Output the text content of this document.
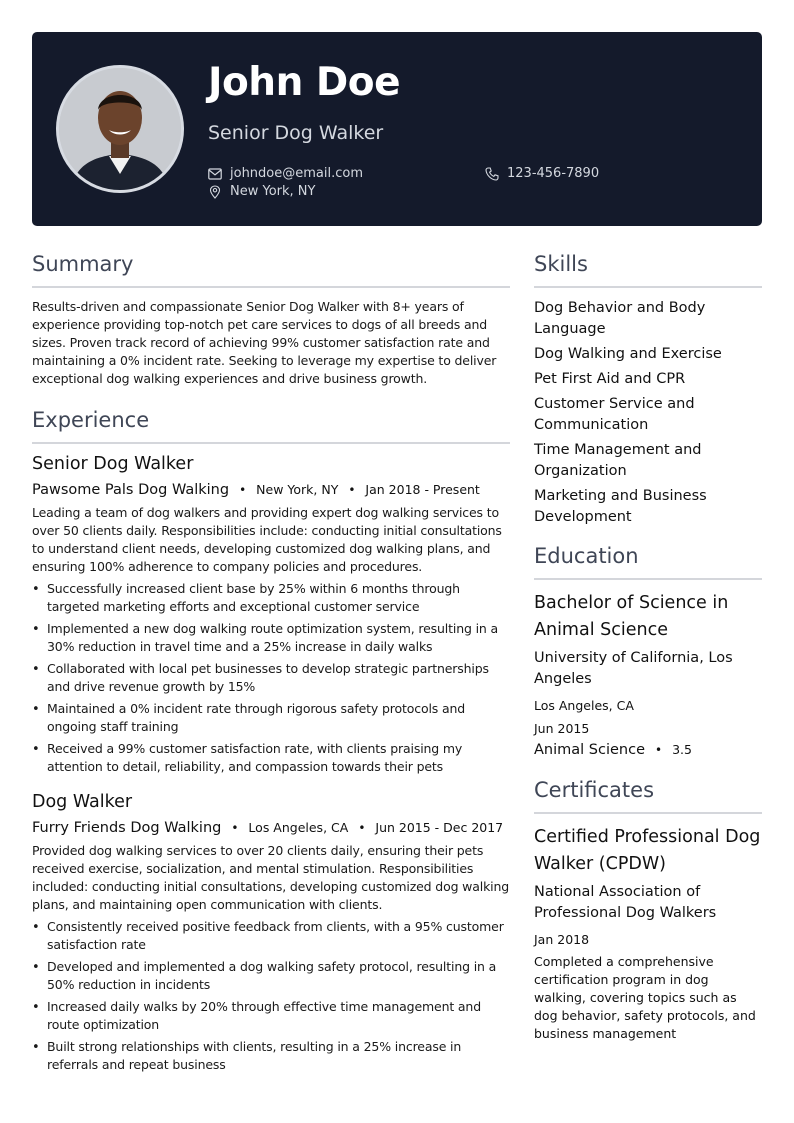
John Doe
Senior Dog Walker
johndoe@email.com	123-456-7890
New York, NY
Summary
Results-driven and compassionate Senior Dog Walker with 8+ years of experience providing top-notch pet care services to dogs of all breeds and sizes. Proven track record of achieving 99% customer satisfaction rate and maintaining a 0% incident rate. Seeking to leverage my expertise to deliver exceptional dog walking experiences and drive business growth.
Experience
Senior Dog Walker
Pawsome Pals Dog Walking • New York, NY • Jan 2018 - Present
Leading a team of dog walkers and providing expert dog walking services to over 50 clients daily. Responsibilities include: conducting initial consultations to understand client needs, developing customized dog walking plans, and ensuring 100% adherence to company policies and procedures.
• Successfully increased client base by 25% within 6 months through targeted marketing efforts and exceptional customer service
• Implemented a new dog walking route optimization system, resulting in a 30% reduction in travel time and a 25% increase in daily walks
• Collaborated with local pet businesses to develop strategic partnerships and drive revenue growth by 15%
• Maintained a 0% incident rate through rigorous safety protocols and ongoing staff training
• Received a 99% customer satisfaction rate, with clients praising my attention to detail, reliability, and compassion towards their pets
Dog Walker
Furry Friends Dog Walking • Los Angeles, CA • Jun 2015 - Dec 2017
Provided dog walking services to over 20 clients daily, ensuring their pets received exercise, socialization, and mental stimulation. Responsibilities included: conducting initial consultations, developing customized dog walking plans, and maintaining open communication with clients.
• Consistently received positive feedback from clients, with a 95% customer satisfaction rate
• Developed and implemented a dog walking safety protocol, resulting in a 50% reduction in incidents
• Increased daily walks by 20% through effective time management and route optimization
• Built strong relationships with clients, resulting in a 25% increase in referrals and repeat business
Skills
Dog Behavior and Body Language
Dog Walking and Exercise
Pet First Aid and CPR
Customer Service and Communication
Time Management and Organization
Marketing and Business Development
Education
Bachelor of Science in Animal Science
University of California, Los Angeles
Los Angeles, CA
Jun 2015
Animal Science • 3.5
Certificates
Certified Professional Dog Walker (CPDW)
National Association of Professional Dog Walkers
Jan 2018
Completed a comprehensive certification program in dog walking, covering topics such as dog behavior, safety protocols, and business management
